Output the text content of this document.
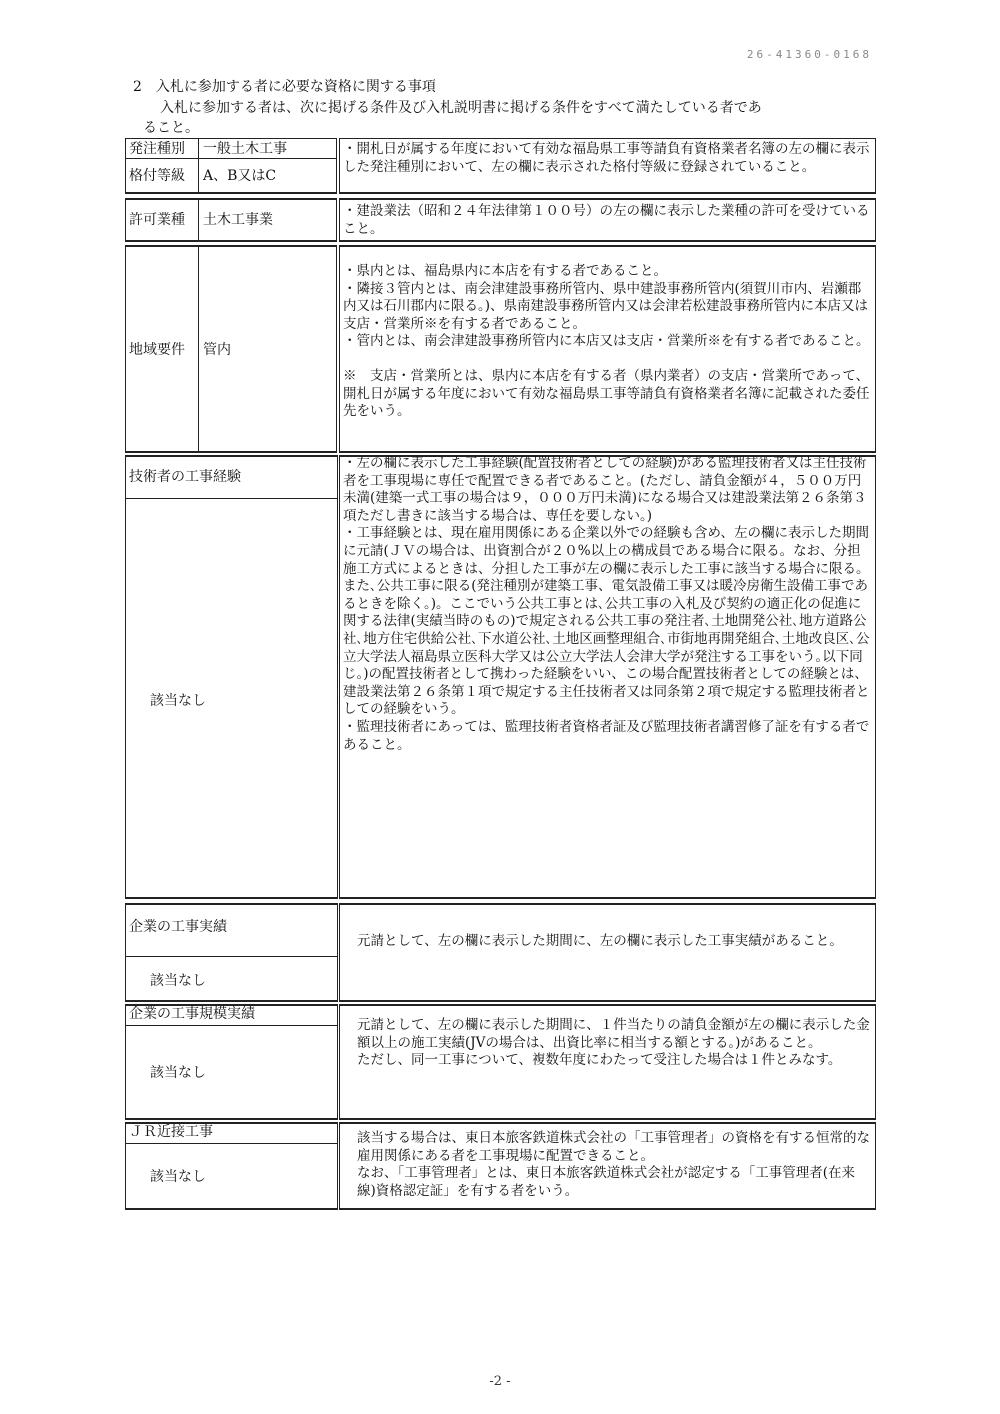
26-41360-0168
2　入札に参加する者に必要な資格に関する事項
入札に参加する者は、次に掲げる条件及び入札説明書に掲げる条件をすべて満たしている者であ
ること。
発注種別 一般土木工事
格付等級 A、B又はC
・開札日が属する年度において有効な福島県工事等請負有資格業者名簿の左の欄に表示した発注種別において、左の欄に表示された格付等級に登録されていること。
許可業種 土木工事業
・建設業法（昭和２４年法律第１００号）の左の欄に表示した業種の許可を受けていること。
地域要件 管内

・県内とは、福島県内に本店を有する者であること。

・隣接３管内とは、南会津建設事務所管内、県中建設事務所管内(須賀川市内、岩瀬郡内又は石川郡内に限る。)、県南建設事務所管内又は会津若松建設事務所管内に本店又は支店・営業所※を有する者であること。

・管内とは、南会津建設事務所管内に本店又は支店・営業所※を有する者であること。

※　支店・営業所とは、県内に本店を有する者（県内業者）の支店・営業所であって、開札日が属する年度において有効な福島県工事等請負有資格業者名簿に記載された委任先をいう。

技術者の工事経験
該当なし

・左の欄に表示した工事経験(配置技術者としての経験)がある監理技術者又は主任技術者を工事現場に専任で配置できる者であること。(ただし、請負金額が４，５００万円未満(建築一式工事の場合は９，０００万円未満)になる場合又は建設業法第２６条第３項ただし書きに該当する場合は、専任を要しない。)

・工事経験とは、現在雇用関係にある企業以外での経験も含め、左の欄に表示した期間に元請(ＪＶの場合は、出資割合が２０%以上の構成員である場合に限る。なお、分担施工方式によるときは、分担した工事が左の欄に表示した工事に該当する場合に限る。また､公共工事に限る(発注種別が建築工事、電気設備工事又は暖冷房衛生設備工事であるときを除く｡)。ここでいう公共工事とは､公共工事の入札及び契約の適正化の促進に関する法律(実績当時のもの)で規定される公共工事の発注者､土地開発公社､地方道路公社､地方住宅供給公社､下水道公社､土地区画整理組合､市街地再開発組合､土地改良区､公立大学法人福島県立医科大学又は公立大学法人会津大学が発注する工事をいう｡以下同じ｡)の配置技術者として携わった経験をいい、この場合配置技術者としての経験とは、建設業法第２６条第１項で規定する主任技術者又は同条第２項で規定する監理技術者としての経験をいう。

・監理技術者にあっては、監理技術者資格者証及び監理技術者講習修了証を有する者であること。

企業の工事実績
該当なし

元請として、左の欄に表示した期間に、左の欄に表示した工事実績があること。

企業の工事規模実績
該当なし

元請として、左の欄に表示した期間に、１件当たりの請負金額が左の欄に表示した金額以上の施工実績(JVの場合は、出資比率に相当する額とする。)があること。

ただし、同一工事について、複数年度にわたって受注した場合は１件とみなす。

ＪＲ近接工事
該当なし

該当する場合は、東日本旅客鉄道株式会社の「工事管理者」の資格を有する恒常的な雇用関係にある者を工事現場に配置できること。

なお、「工事管理者」とは、東日本旅客鉄道株式会社が認定する「工事管理者(在来線)資格認定証」を有する者をいう。

-2 -
